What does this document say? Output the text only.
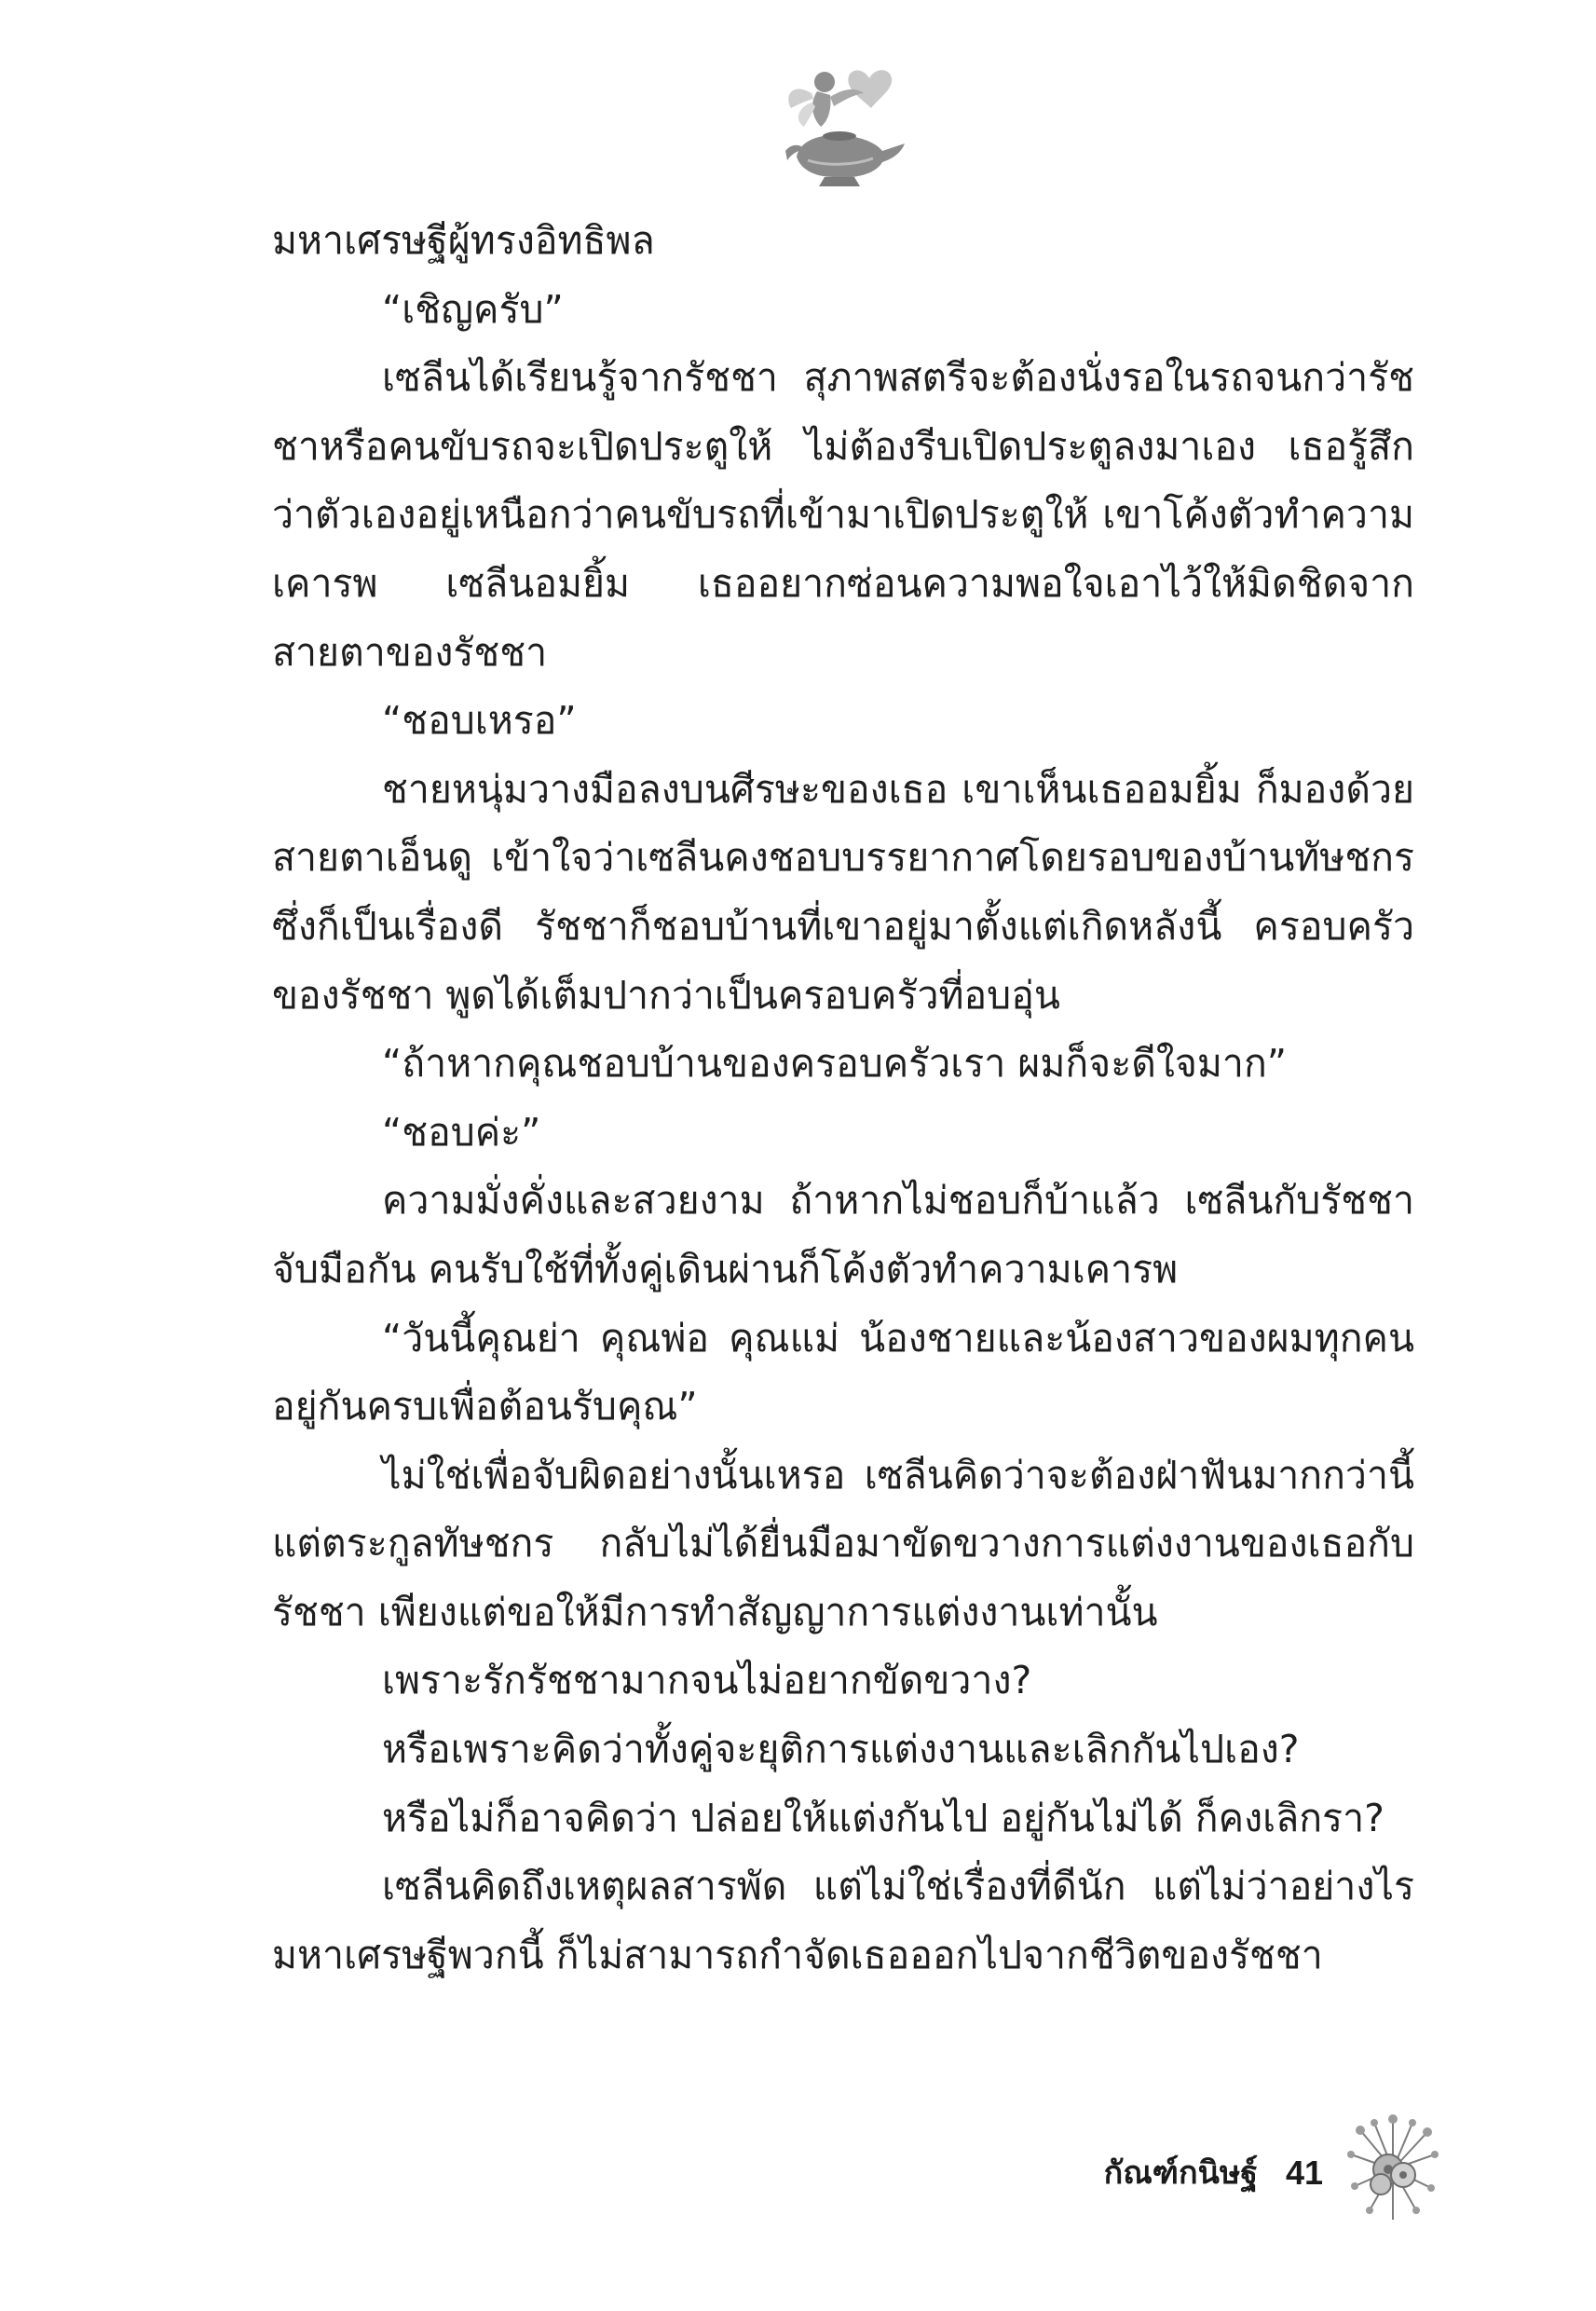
มหาเศรษฐีผู้ทรงอิทธิพล

“เชิญครับ”

เซลีนได้เรียนรู้จากรัชชา สุภาพสตรีจะต้องนั่งรอในรถจนกว่ารัชชาหรือคนขับรถจะเปิดประตูให้ ไม่ต้องรีบเปิดประตูลงมาเอง เธอรู้สึกว่าตัวเองอยู่เหนือกว่าคนขับรถที่เข้ามาเปิดประตูให้ เขาโค้งตัวทำความเคารพ เซลีนอมยิ้ม เธออยากซ่อนความพอใจเอาไว้ให้มิดชิดจากสายตาของรัชชา

“ชอบเหรอ”

ชายหนุ่มวางมือลงบนศีรษะของเธอ เขาเห็นเธออมยิ้ม ก็มองด้วยสายตาเอ็นดู เข้าใจว่าเซลีนคงชอบบรรยากาศโดยรอบของบ้านทัษชกร ซึ่งก็เป็นเรื่องดี รัชชาก็ชอบบ้านที่เขาอยู่มาตั้งแต่เกิดหลังนี้ ครอบครัวของรัชชา พูดได้เต็มปากว่าเป็นครอบครัวที่อบอุ่น

“ถ้าหากคุณชอบบ้านของครอบครัวเรา ผมก็จะดีใจมาก”

“ชอบค่ะ”

ความมั่งคั่งและสวยงาม ถ้าหากไม่ชอบก็บ้าแล้ว เซลีนกับรัชชาจับมือกัน คนรับใช้ที่ทั้งคู่เดินผ่านก็โค้งตัวทำความเคารพ

“วันนี้คุณย่า คุณพ่อ คุณแม่ น้องชายและน้องสาวของผมทุกคนอยู่กันครบเพื่อต้อนรับคุณ”

ไม่ใช่เพื่อจับผิดอย่างนั้นเหรอ เซลีนคิดว่าจะต้องฝ่าฟันมากกว่านี้ แต่ตระกูลทัษชกร กลับไม่ได้ยื่นมือมาขัดขวางการแต่งงานของเธอกับรัชชา เพียงแต่ขอให้มีการทำสัญญาการแต่งงานเท่านั้น

เพราะรักรัชชามากจนไม่อยากขัดขวาง?

หรือเพราะคิดว่าทั้งคู่จะยุติการแต่งงานและเลิกกันไปเอง?

หรือไม่ก็อาจคิดว่า ปล่อยให้แต่งกันไป อยู่กันไม่ได้ ก็คงเลิกรา?

เซลีนคิดถึงเหตุผลสารพัด แต่ไม่ใช่เรื่องที่ดีนัก แต่ไม่ว่าอย่างไร มหาเศรษฐีพวกนี้ ก็ไม่สามารถกำจัดเธอออกไปจากชีวิตของรัชชา

กัณฑ์กนิษฐ์ 41
